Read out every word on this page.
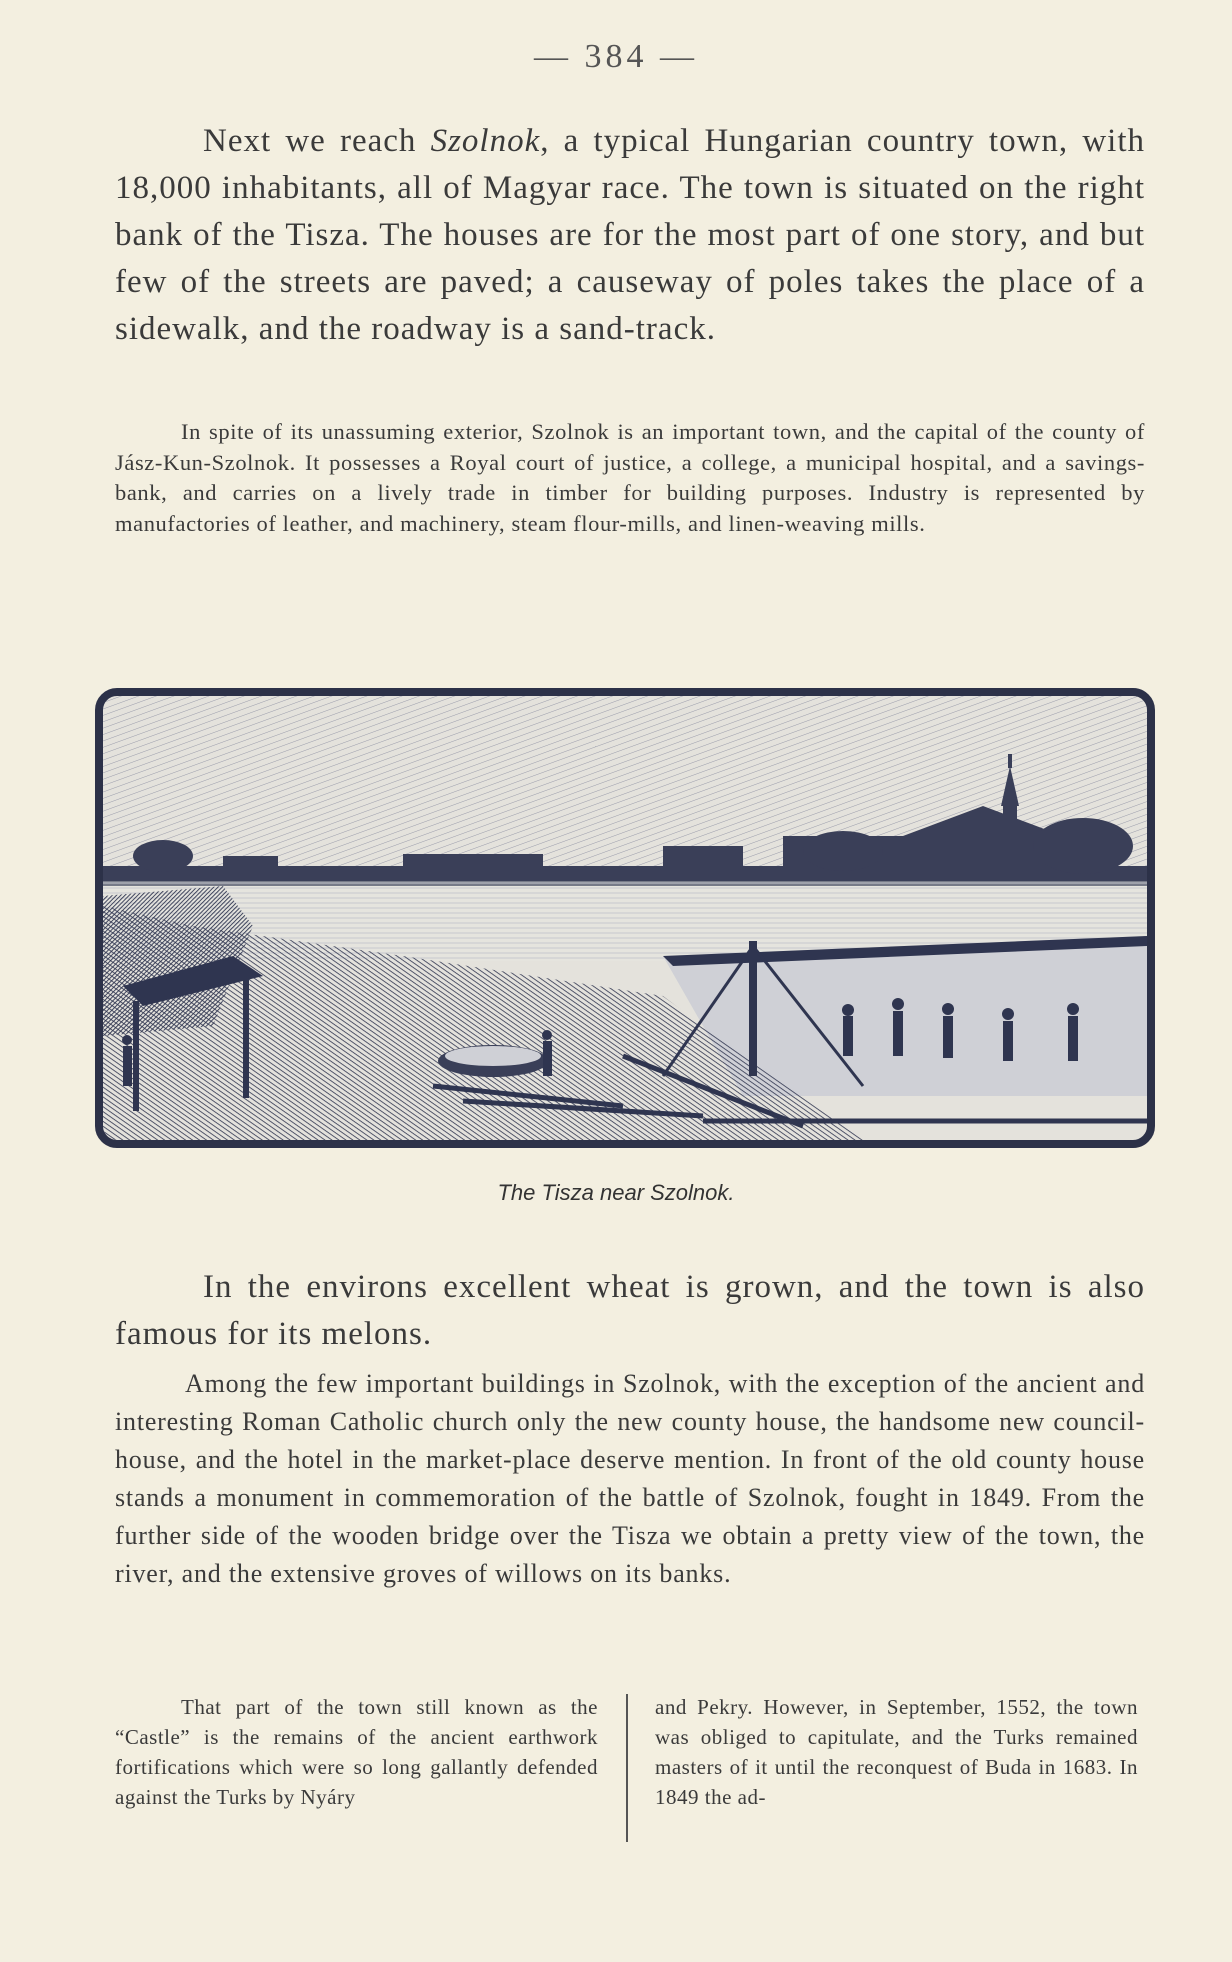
— 384 —

Next we reach Szolnok, a typical Hungarian country town, with 18,000 inhabitants, all of Magyar race. The town is situated on the right bank of the Tisza. The houses are for the most part of one story, and but few of the streets are paved; a causeway of poles takes the place of a sidewalk, and the roadway is a sand-track.

In spite of its unassuming exterior, Szolnok is an important town, and the capital of the county of Jász-Kun-Szolnok. It possesses a Royal court of justice, a college, a municipal hospital, and a savings-bank, and carries on a lively trade in timber for building purposes. Industry is represented by manufactories of leather, and machinery, steam flour-mills, and linen-weaving mills.

The Tisza near Szolnok.

In the environs excellent wheat is grown, and the town is also famous for its melons.

Among the few important buildings in Szolnok, with the exception of the ancient and interesting Roman Catholic church only the new county house, the handsome new council-house, and the hotel in the market-place deserve mention. In front of the old county house stands a monument in commemoration of the battle of Szolnok, fought in 1849. From the further side of the wooden bridge over the Tisza we obtain a pretty view of the town, the river, and the extensive groves of willows on its banks.

That part of the town still known as the “Castle” is the remains of the ancient earthwork fortifications which were so long gallantly defended against the Turks by Nyáry

and Pekry. However, in September, 1552, the town was obliged to capitulate, and the Turks remained masters of it until the reconquest of Buda in 1683. In 1849 the ad-
